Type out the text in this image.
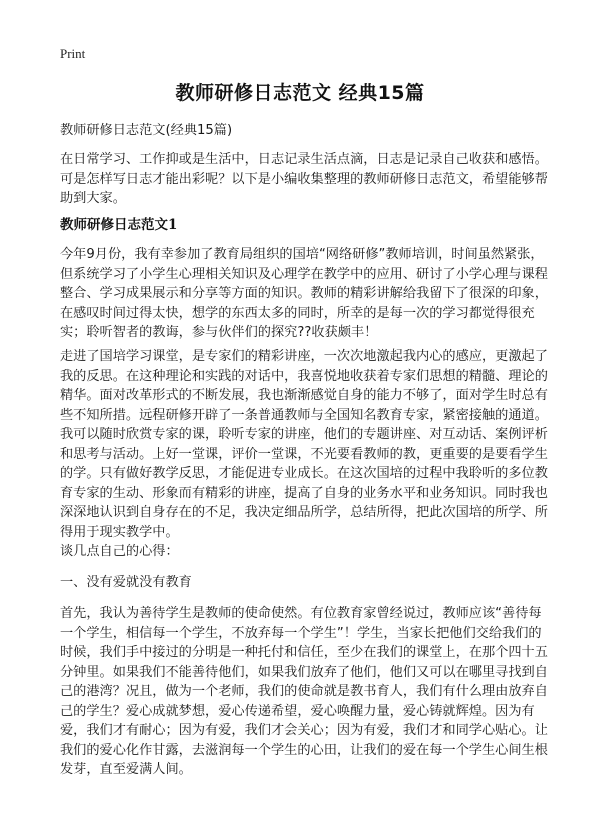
Print
教师研修日志范文 经典15篇
教师研修日志范文(经典15篇)
在日常学习、工作抑或是生活中，日志记录生活点滴，日志是记录自己收获和感悟。可是怎样写日志才能出彩呢？以下是小编收集整理的教师研修日志范文，希望能够帮助到大家。
教师研修日志范文1
今年9月份，我有幸参加了教育局组织的国培“网络研修”教师培训，时间虽然紧张，但系统学习了小学生心理相关知识及心理学在教学中的应用、研讨了小学心理与课程整合、学习成果展示和分享等方面的知识。教师的精彩讲解给我留下了很深的印象，在感叹时间过得太快，想学的东西太多的同时，所幸的是每一次的学习都觉得很充实；聆听智者的教诲，参与伙伴们的探究??收获颇丰！
走进了国培学习课堂，是专家们的精彩讲座，一次次地激起我内心的感应，更激起了我的反思。在这种理论和实践的对话中，我喜悦地收获着专家们思想的精髓、理论的精华。面对改革形式的不断发展，我也渐渐感觉自身的能力不够了，面对学生时总有些不知所措。远程研修开辟了一条普通教师与全国知名教育专家，紧密接触的通道。我可以随时欣赏专家的课，聆听专家的讲座，他们的专题讲座、对互动话、案例评析和思考与活动。上好一堂课，评价一堂课，不光要看教师的教，更重要的是要看学生的学。只有做好教学反思，才能促进专业成长。在这次国培的过程中我聆听的多位教育专家的生动、形象而有精彩的讲座，提高了自身的业务水平和业务知识。同时我也深深地认识到自身存在的不足，我决定细品所学，总结所得，把此次国培的所学、所得用于现实教学中。
谈几点自己的心得：
一、没有爱就没有教育
首先，我认为善待学生是教师的使命使然。有位教育家曾经说过，教师应该“善待每一个学生，相信每一个学生，不放弃每一个学生”！学生，当家长把他们交给我们的时候，我们手中接过的分明是一种托付和信任，至少在我们的课堂上，在那个四十五分钟里。如果我们不能善待他们，如果我们放弃了他们，他们又可以在哪里寻找到自己的港湾？况且，做为一个老师，我们的使命就是教书育人，我们有什么理由放弃自己的学生？爱心成就梦想，爱心传递希望，爱心唤醒力量，爱心铸就辉煌。因为有爱，我们才有耐心；因为有爱，我们才会关心；因为有爱，我们才和同学心贴心。让我们的爱心化作甘露，去滋润每一个学生的心田，让我们的爱在每一个学生心间生根发芽，直至爱满人间。
